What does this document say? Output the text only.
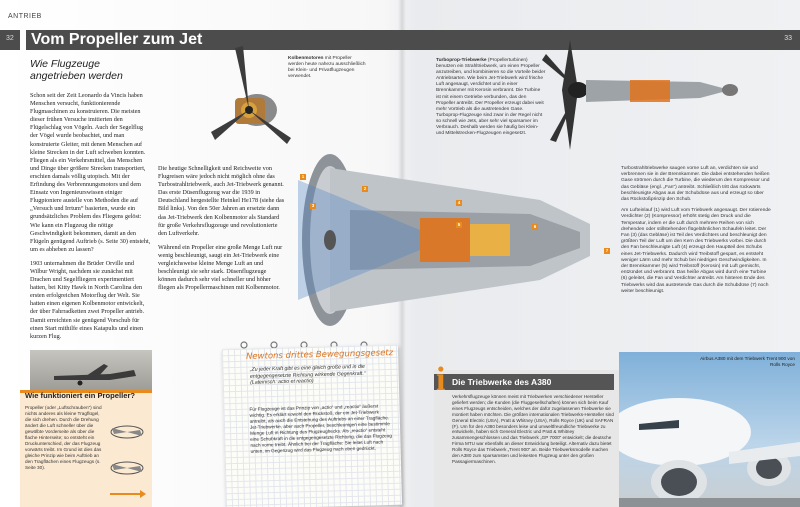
ANTRIEB
32 Vom Propeller zum Jet	33
Wie Flugzeuge angetrieben werden

Schon seit der Zeit Leonardo da Vincis haben Menschen versucht, funktionierende Flugmaschinen zu konstruieren. Die meisten dieser frühen Versuche imitierten den Flügelschlag von Vögeln. Auch der Segelflug der Vögel wurde beobachtet, und man konstruierte Gleiter, mit denen Menschen auf kleine Strecken in der Luft schweben konnten. Fliegen als ein Verkehrsmittel, das Menschen und Dinge über größere Strecken transportiert, erschien damals völlig utopisch. Mit der Erfindung des Verbrennungsmotors und dem Einsatz von Ingenieurswissen einiger Flugpioniere austelle von Methoden die auf „Versuch und Irrtum“ basierten, wurde ein grundsätzliches Problem des Fliegens gelöst: Wie kann ein Flugzeug die nötige Geschwindigkeit bekommen, damit an den Flügeln genügend Auftrieb (s. Seite 30) entsteht, um es abheben zu lassen?

1903 unternahmen die Brüder Orville und Wilbur Wright, nachdem sie zunächst mit Drachen und Segelfliegern experimentiert hatten, bei Kitty Hawk in North Carolina den ersten erfolgreichen Motorflug der Welt. Sie hatten einen eigenen Kolbenmotor entwickelt, der über Fahrradketten zwei Propeller antrieb. Damit erreichten sie genügend Vorschub für einen Start mithilfe eines Katapults und einen kurzen Flug.

Die heutige Schnelligkeit und Reichweite von Flugreisen wäre jedoch nicht möglich ohne das Turbostrahltriebwerk, auch Jet-Triebwerk genannt. Das erste Düsenflugzeug war die 1939 in Deutschland hergestellte Heinkel He178 (siehe das Bild links). Von den 50er Jahren an ersetzte dann das Jet-Triebwerk den Kolbenmotor als Standard für große Verkehrsflugzeuge und revolutionierte den Luftverkehr.

Während ein Propeller eine große Menge Luft nur wenig beschleunigt, saugt ein Jet-Triebwerk eine vergleichsweise kleine Menge Luft an und beschleunigt sie sehr stark. Düsenflugzeuge können dadurch sehr viel schneller und höher fliegen als Propellermaschinen mit Kolbenmotor.

Kolbenmotoren mit Propeller werden heute nahezu ausschließlich bei Klein- und Privatflugzeugen verwendet.
Turboprop-Triebwerke (Propellerturbinen) benutzen ein Strahltriebwerk, um einen Propeller anzutreiben, und kombinieren so die Vorteile beider Antriebsarten. Wie beim Jet-Triebwerk wird frische Luft angesaugt, verdichtet und in einer Brennkammer mit Kerosin verbrannt. Die Turbine ist mit einem Getriebe verbunden, das den Propeller antreibt. Der Propeller erzeugt dabei weit mehr Vortrieb als die austretenden Gase. Turboprop-Flugzeuge sind zwar in der Regel nicht so schnell wie Jets, aber sehr viel sparsamer im Verbrauch. Deshalb werden sie häufig bei Klein- und Mittelstrecken-Flugzeugen eingesetzt.
1
2
3
4
5	6
7

Turbostrahltriebwerke saugen vorne Luft an, verdichten sie und verbrennen sie in der Brennkammer. Die dabei entstehenden heißen Gase strömen durch die Turbine, die wiederum den Kompressor und das Gebläse (engl. „Fan“) antreibt. Schließlich tritt das rückwärts beschleunigte Abgas aus der Schubdüse aus und erzeugt so über das Rückstoßprinzip den Schub.

Am Lufteinlauf (1) wird Luft vom Triebwerk angesaugt. Der rotierende Verdichter (2) (Kompressor) erhöht stetig den Druck und die Temperatur, indem er die Luft durch mehrere Reihen von sich drehenden oder stillstehenden flügelähnlichen Schaufeln leitet. Der Fan (3) (das Gebläse) ist Teil des Verdichters und beschleunigt den größten Teil der Luft um den Kern des Triebwerks vorbei. Die durch den Fan beschleunigte Luft (4) erzeugt den Hauptteil des Schubs eines Jet-Triebwerks. Dadurch wird Treibstoff gespart, es entsteht weniger Lärm und mehr Schub bei niedrigen Geschwindigkeiten. In der Brennkammer (5) wird Treibstoff (Kerosin) mit Luft gemischt, entzündet und verbrannt. Das heiße Abgas wird durch eine Turbine (6) geleitet, die Fan und Verdichter antreibt. Am hinteren Ende des Triebwerks wird das austretende Gas durch die Schubdüse (7) noch weiter beschleunigt.

Wie funktioniert ein Propeller?
Propeller (oder „Luftschrauben“) sind nichts anderes als kleine Tragflügel, die sich drehen. Durch die Drehung ändert die Luft schneller über die gewölbte Vorderseite als über die flache Hinterseite; so entsteht ein Druckunterschied, der das Flugzeug vorwärts treibt. Im Grund ist dies das gleiche Prinzip wie beim Auftrieb an den Tragflächen eines Flugzeugs (s. Seite 30).
Newtons drittes Bewegungsgesetz
„Zu jeder Kraft gibt es eine gleich große und in die entgegengesetzte Richtung wirkende Gegenkraft.“ (Lateinisch: actio et reactio)
Für Flugzeuge ist das Prinzip von „actio“ und „reactio“ äußerst wichtig. Es erklärt sowohl den Rückstoß, der ein Jet-Triebwerk antreibt, als auch die Entstehung des Auftriebs an einer Tragfläche. Jet-Triebwerke, aber auch Propeller, beschleunigen eine bestimmte Menge Luft in Richtung des Flugzeughecks. Als „reactio“ entsteht eine Schubkraft in die entgegengesetzte Richtung, die das Flugzeug nach vorne treibt. Ähnlich bei der Tragfläche: Sie leitet Luft nach unten, im Gegenzug wird das Flugzeug nach oben gedrückt.
Die Triebwerke des A380
i Verkehrsflugzeuge können meist mit Triebwerken verschiedener Hersteller geliefert werden; die Kunden (die Fluggesellschaften) können sich beim Kauf eines Flugzeugs entscheiden, welches der dafür zugelassenen Triebwerke sie montiert haben möchten. Die größten internationalen Triebwerks-Hersteller sind General Electric (USA), Pratt & Whitney (USA), Rolls Royce (UK) und SAFRAN (F). Um für den A380 besonders leise und umweltfreundliche Triebwerke zu entwickeln, haben sich General Electric und Pratt & Whitney zusammengeschlossen und das Triebwerk „GP 7000“ entwickelt; die deutsche Firma MTU war ebenfalls an dieser Entwicklung beteiligt. Alternativ dazu bietet Rolls Royce das Triebwerk „Trent 900“ an. Beide Triebwerksmodelle machen den A380 zum sparsamsten und leisesten Flugzeug unter den großen Passagiermaschinen.
Airbus A380 mit dem Triebwerk Trent 900 von Rolls Royce
